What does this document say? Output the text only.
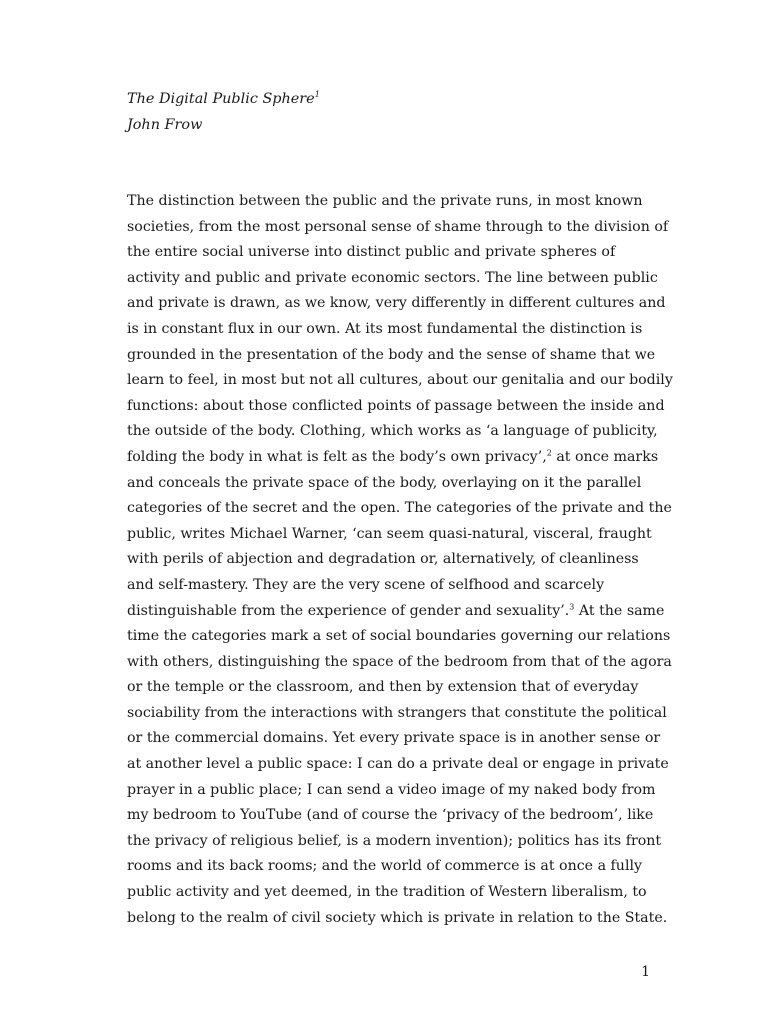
The Digital Public Sphere$^1$
John Frow
The distinction between the public and the private runs, in most known
societies, from the most personal sense of shame through to the division of
the entire social universe into distinct public and private spheres of
activity and public and private economic sectors. The line between public
and private is drawn, as we know, very differently in different cultures and
is in constant flux in our own. At its most fundamental the distinction is
grounded in the presentation of the body and the sense of shame that we
learn to feel, in most but not all cultures, about our genitalia and our bodily
functions: about those conflicted points of passage between the inside and
the outside of the body. Clothing, which works as ‘a language of publicity,
folding the body in what is felt as the body’s own privacy’,$^2$ at once marks
and conceals the private space of the body, overlaying on it the parallel
categories of the secret and the open. The categories of the private and the
public, writes Michael Warner, ‘can seem quasi-natural, visceral, fraught
with perils of abjection and degradation or, alternatively, of cleanliness
and self-mastery. They are the very scene of selfhood and scarcely
distinguishable from the experience of gender and sexuality’.$^3$ At the same
time the categories mark a set of social boundaries governing our relations
with others, distinguishing the space of the bedroom from that of the agora
or the temple or the classroom, and then by extension that of everyday
sociability from the interactions with strangers that constitute the political
or the commercial domains. Yet every private space is in another sense or
at another level a public space: I can do a private deal or engage in private
prayer in a public place; I can send a video image of my naked body from
my bedroom to YouTube (and of course the ‘privacy of the bedroom’, like
the privacy of religious belief, is a modern invention); politics has its front
rooms and its back rooms; and the world of commerce is at once a fully
public activity and yet deemed, in the tradition of Western liberalism, to
belong to the realm of civil society which is private in relation to the State.
1
